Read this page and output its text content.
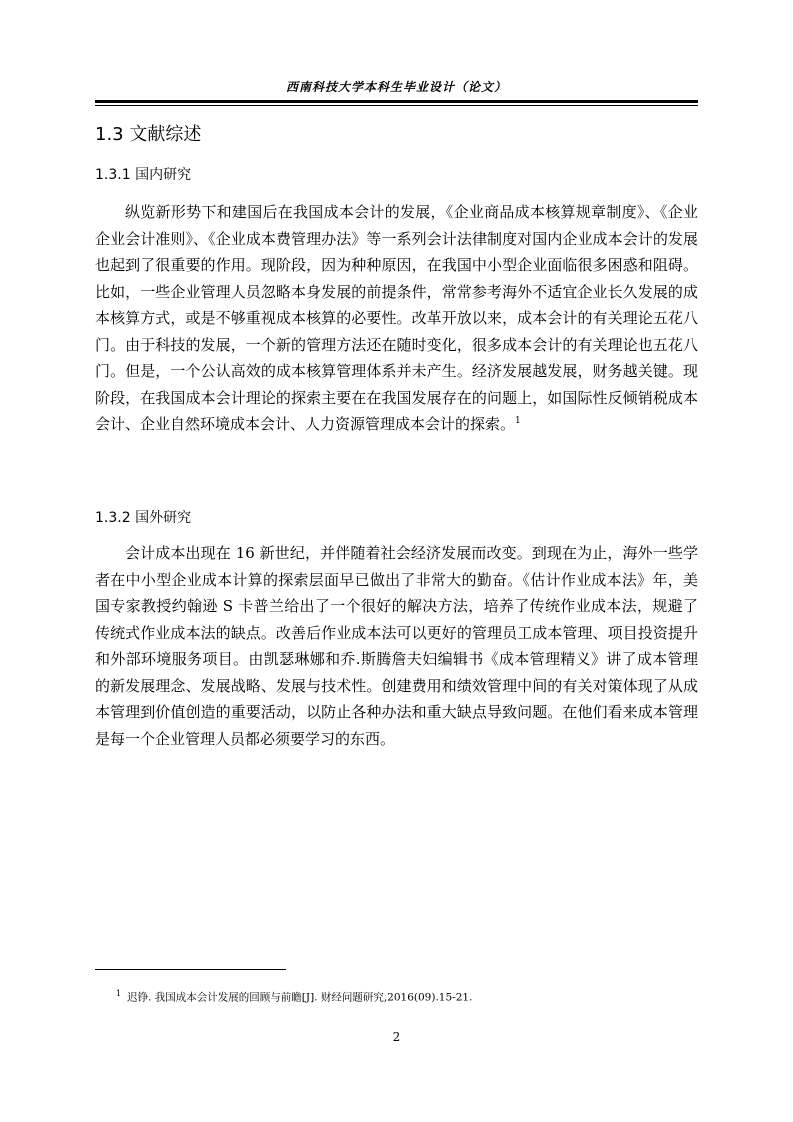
西南科技大学本科生毕业设计（论文）
1.3 文献综述
1.3.1 国内研究

纵览新形势下和建国后在我国成本会计的发展，《企业商品成本核算规章制度》、《企业企业会计准则》、《企业成本费管理办法》等一系列会计法律制度对国内企业成本会计的发展也起到了很重要的作用。现阶段，因为种种原因，在我国中小型企业面临很多困惑和阻碍。比如，一些企业管理人员忽略本身发展的前提条件，常常参考海外不适宜企业长久发展的成本核算方式，或是不够重视成本核算的必要性。改革开放以来，成本会计的有关理论五花八门。由于科技的发展，一个新的管理方法还在随时变化，很多成本会计的有关理论也五花八门。但是，一个公认高效的成本核算管理体系并未产生。经济发展越发展，财务越关键。现阶段，在我国成本会计理论的探索主要在在我国发展存在的问题上，如国际性反倾销税成本会计、企业自然环境成本会计、人力资源管理成本会计的探索。$^1$

1.3.2 国外研究

会计成本出现在 16 新世纪，并伴随着社会经济发展而改变。到现在为止，海外一些学者在中小型企业成本计算的探索层面早已做出了非常大的勤奋。《估计作业成本法》年，美国专家教授约翰逊 S 卡普兰给出了一个很好的解决方法，培养了传统作业成本法，规避了传统式作业成本法的缺点。改善后作业成本法可以更好的管理员工成本管理、项目投资提升和外部环境服务项目。由凯瑟琳娜和乔.斯腾詹夫妇编辑书《成本管理精义》讲了成本管理的新发展理念、发展战略、发展与技术性。创建费用和绩效管理中间的有关对策体现了从成本管理到价值创造的重要活动，以防止各种办法和重大缺点导致问题。在他们看来成本管理是每一个企业管理人员都必须要学习的东西。

$^1$ 迟铮. 我国成本会计发展的回顾与前瞻[J]. 财经问题研究,2016(09).15-21.
2
